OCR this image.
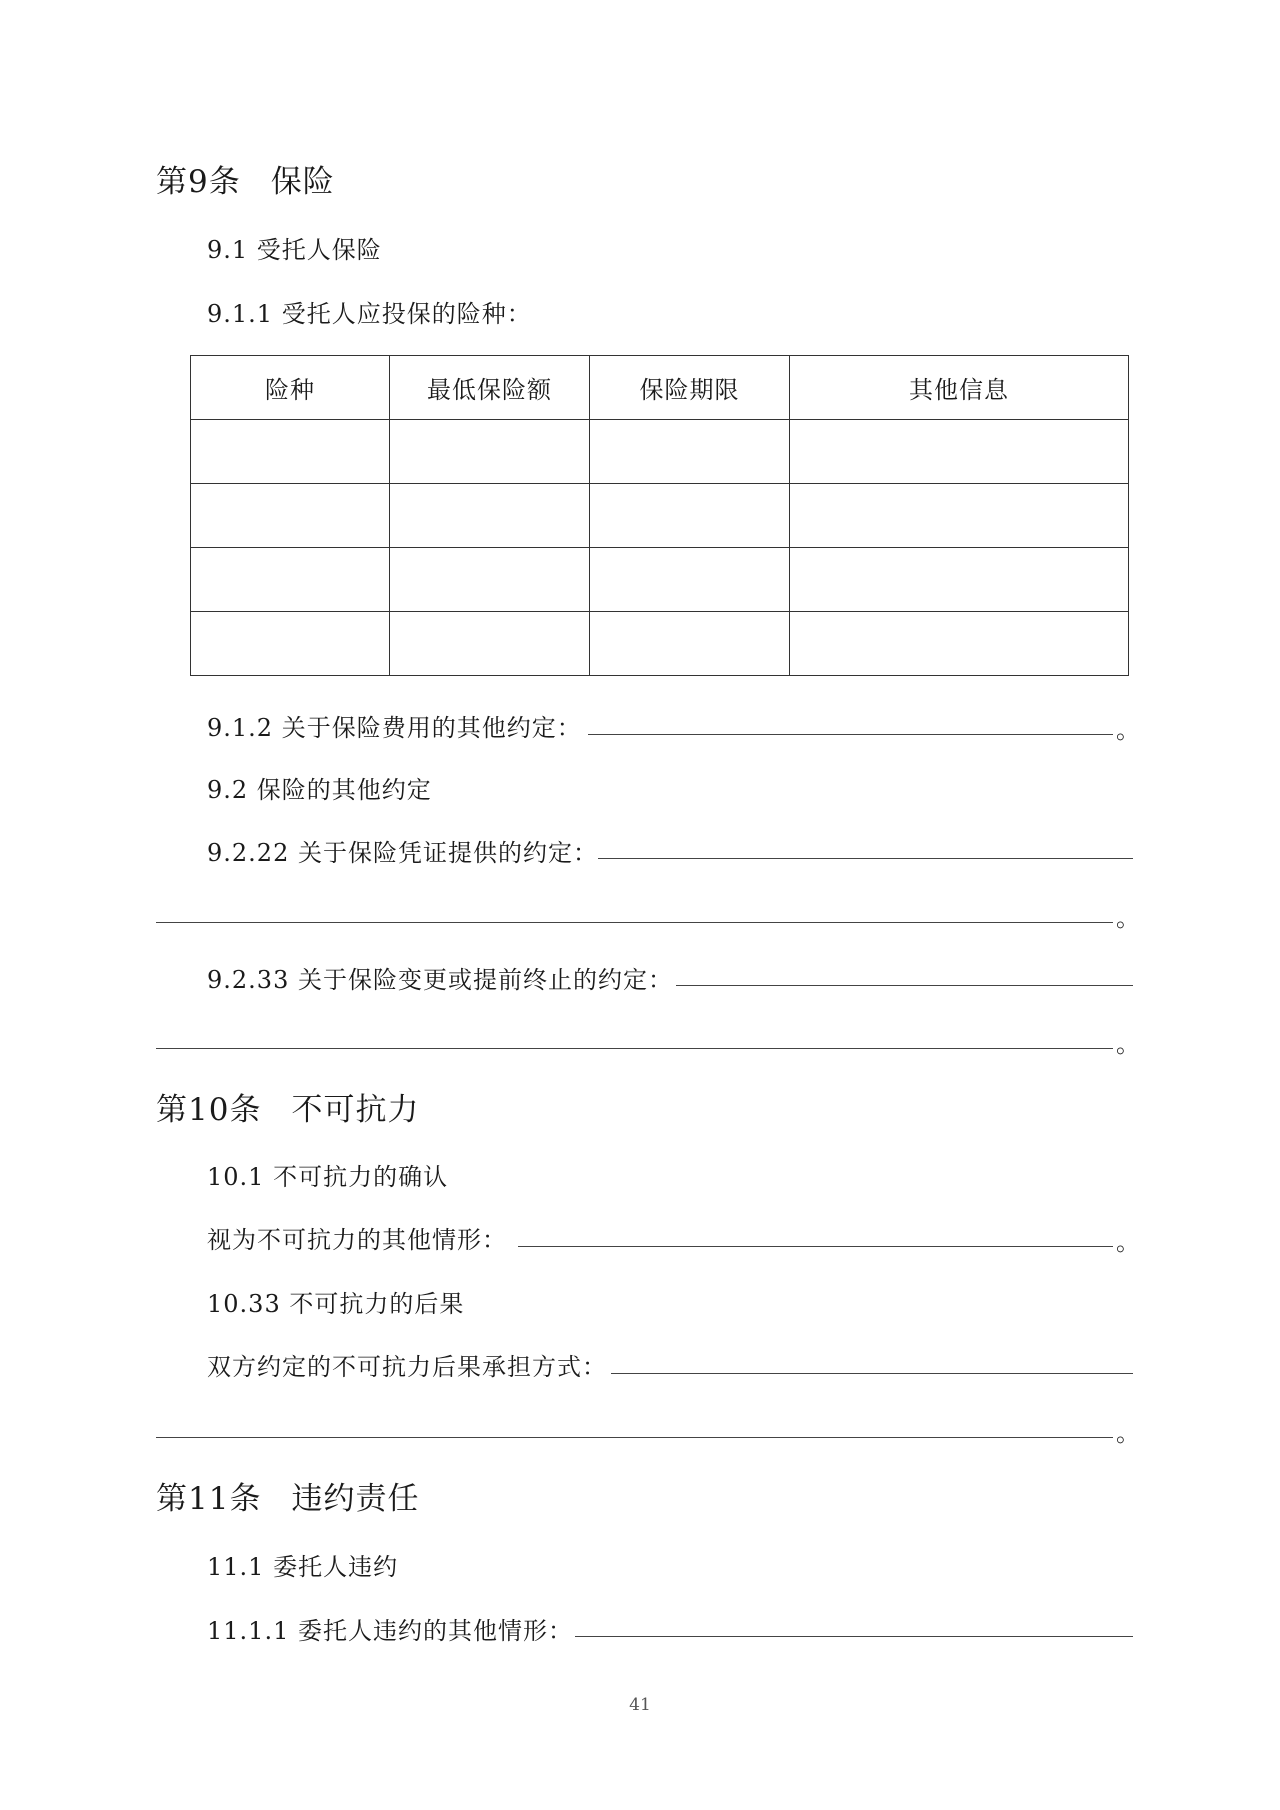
第9条 保险
9.1 受托人保险
9.1.1 受托人应投保的险种：
险种	最低保险额	保险期限	其他信息

9.1.2 关于保险费用的其他约定：	。
9.2 保险的其他约定
9.2.22 关于保险凭证提供的约定：
。
9.2.33 关于保险变更或提前终止的约定：
。
第10条 不可抗力
10.1 不可抗力的确认
视为不可抗力的其他情形：	。
10.33 不可抗力的后果
双方约定的不可抗力后果承担方式：
。
第11条 违约责任
11.1 委托人违约
11.1.1 委托人违约的其他情形：
41
